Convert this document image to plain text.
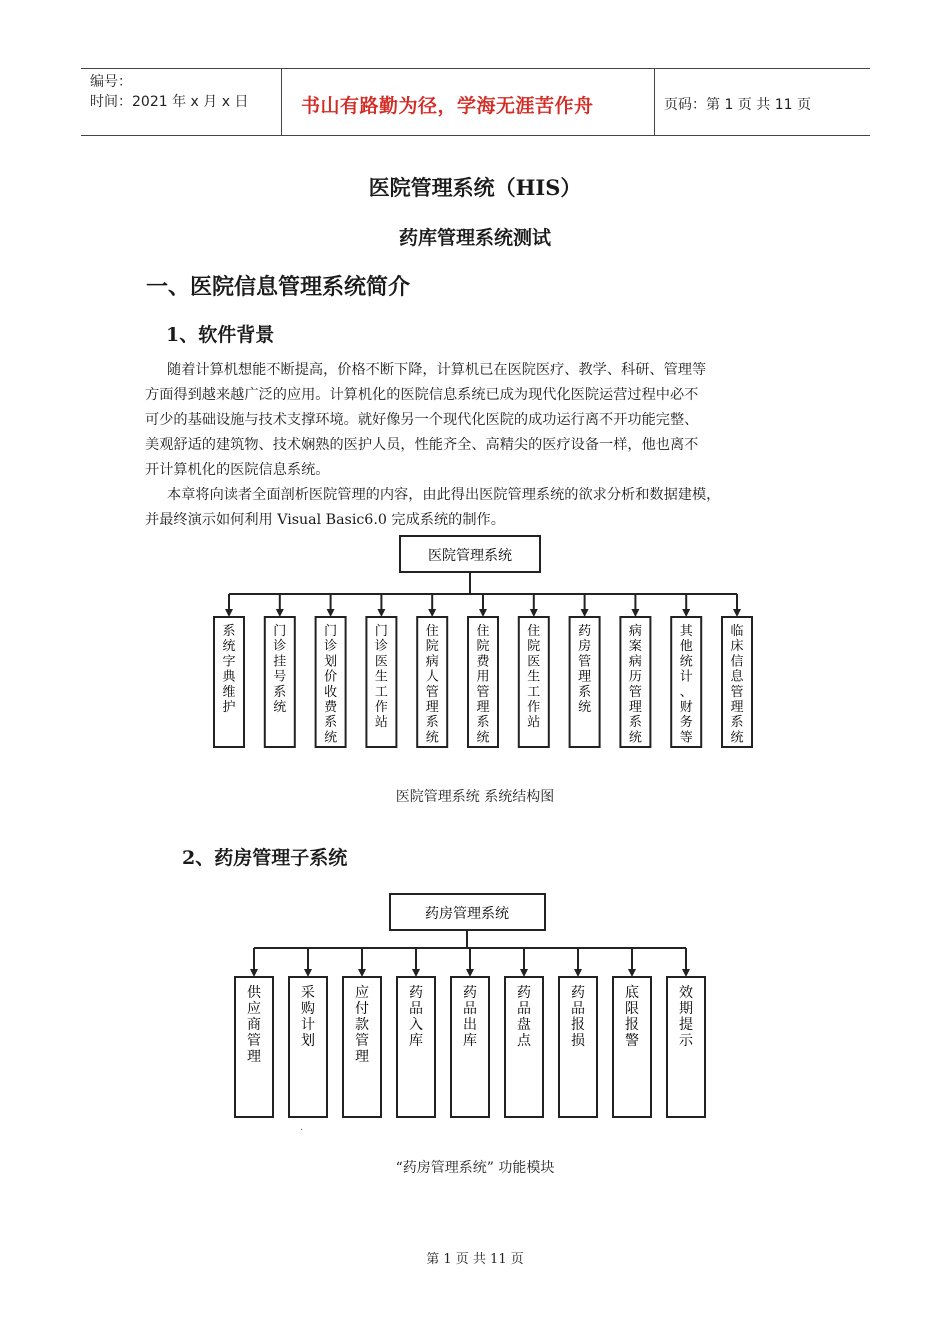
编号：
时间：2021 年 x 月 x 日	书山有路勤为径，学海无涯苦作舟	页码：第 1 页 共 11 页
医院管理系统（HIS）
药库管理系统测试
一、医院信息管理系统简介
1、软件背景
随着计算机想能不断提高，价格不断下降，计算机已在医院医疗、教学、科研、管理等
方面得到越来越广泛的应用。计算机化的医院信息系统已成为现代化医院运营过程中必不
可少的基础设施与技术支撑环境。就好像另一个现代化医院的成功运行离不开功能完整、
美观舒适的建筑物、技术娴熟的医护人员，性能齐全、高精尖的医疗设备一样，他也离不
开计算机化的医院信息系统。
本章将向读者全面剖析医院管理的内容，由此得出医院管理系统的欲求分析和数据建模，
并最终演示如何利用 Visual Basic6.0 完成系统的制作。
医院管理系统
系统字典维护
门诊挂号系统
门诊划价收费系统
门诊医生工作站
住院病人管理系统
住院费用管理系统
住院医生工作站
药房管理系统
病案病历管理系统
其他统计、财务等
临床信息管理系统
医院管理系统 系统结构图
2、药房管理子系统
药房管理系统
供应商管理
采购计划
应付款管理
药品入库
药品出库
药品盘点
药品报损
底限报警
效期提示
.
“药房管理系统” 功能模块
第 1 页 共 11 页
